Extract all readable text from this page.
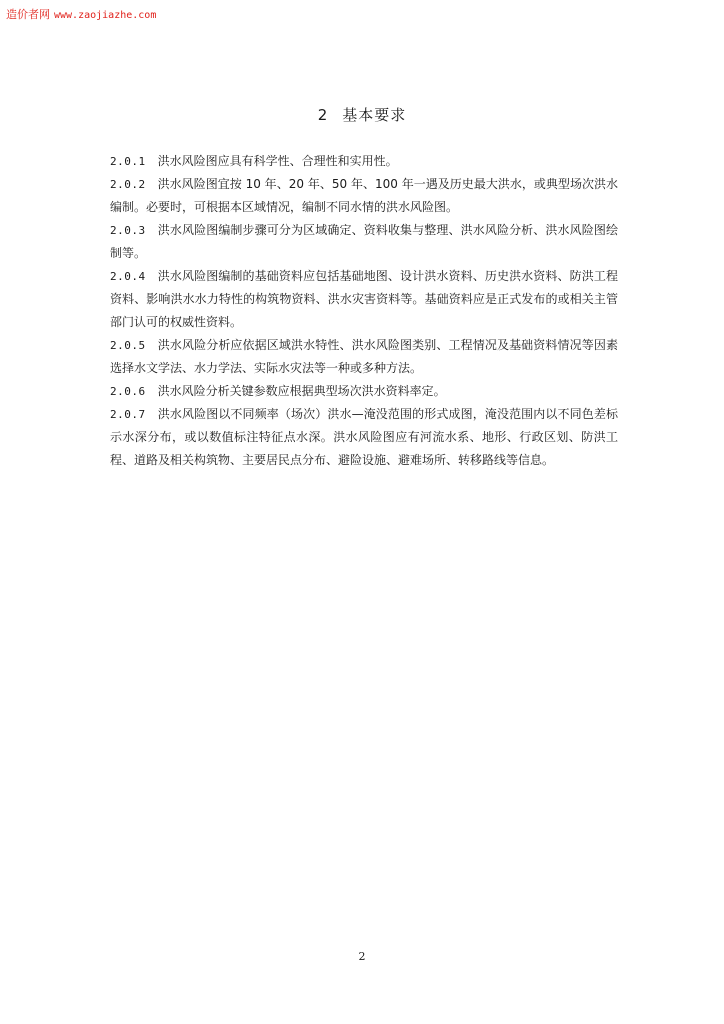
造价者网 www.zaojiazhe.com
2 基本要求

2.0.1 洪水风险图应具有科学性、合理性和实用性。

2.0.2 洪水风险图宜按 10 年、20 年、50 年、100 年一遇及历史最大洪水，或典型场次洪水编制。必要时，可根据本区域情况，编制不同水情的洪水风险图。

2.0.3 洪水风险图编制步骤可分为区域确定、资料收集与整理、洪水风险分析、洪水风险图绘制等。

2.0.4 洪水风险图编制的基础资料应包括基础地图、设计洪水资料、历史洪水资料、防洪工程资料、影响洪水水力特性的构筑物资料、洪水灾害资料等。基础资料应是正式发布的或相关主管部门认可的权威性资料。

2.0.5 洪水风险分析应依据区域洪水特性、洪水风险图类别、工程情况及基础资料情况等因素选择水文学法、水力学法、实际水灾法等一种或多种方法。

2.0.6 洪水风险分析关键参数应根据典型场次洪水资料率定。

2.0.7 洪水风险图以不同频率（场次）洪水—淹没范围的形式成图，淹没范围内以不同色差标示水深分布，或以数值标注特征点水深。洪水风险图应有河流水系、地形、行政区划、防洪工程、道路及相关构筑物、主要居民点分布、避险设施、避难场所、转移路线等信息。

2
